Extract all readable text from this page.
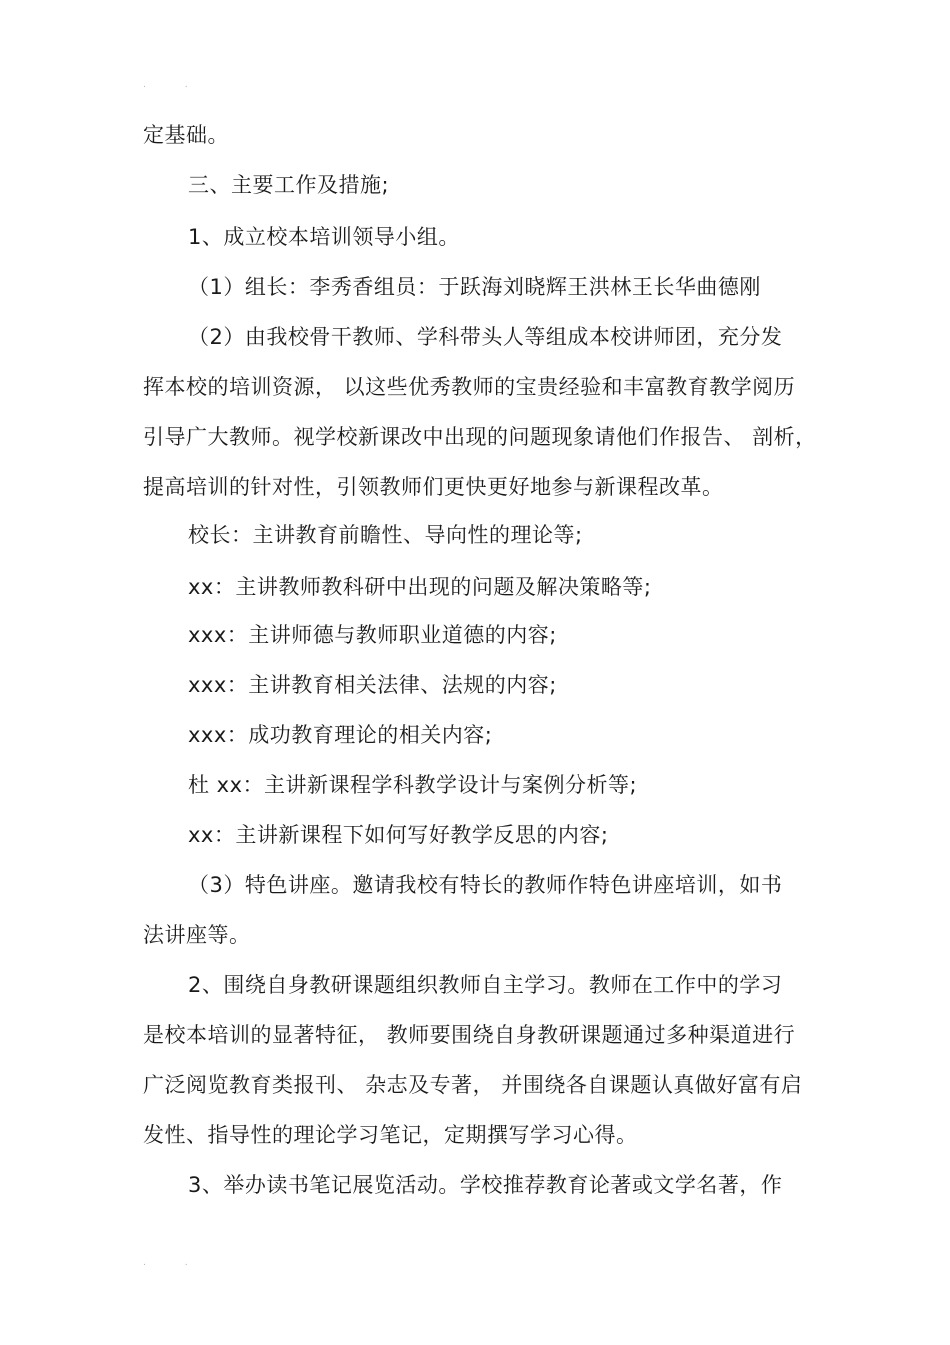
. .
定基础。
三、主要工作及措施;
1、成立校本培训领导小组。
（1）组长：李秀香组员：于跃海刘晓辉王洪林王长华曲德刚
（2）由我校骨干教师、学科带头人等组成本校讲师团，充分发
挥本校的培训资源， 以这些优秀教师的宝贵经验和丰富教育教学阅历
引导广大教师。视学校新课改中出现的问题现象请他们作报告、 剖析，
提高培训的针对性，引领教师们更快更好地参与新课程改革。
校长：主讲教育前瞻性、导向性的理论等;
xx：主讲教师教科研中出现的问题及解决策略等;
xxx：主讲师德与教师职业道德的内容;
xxx：主讲教育相关法律、法规的内容;
xxx：成功教育理论的相关内容;
杜 xx：主讲新课程学科教学设计与案例分析等;
xx：主讲新课程下如何写好教学反思的内容;
（3）特色讲座。邀请我校有特长的教师作特色讲座培训，如书
法讲座等。
2、围绕自身教研课题组织教师自主学习。教师在工作中的学习
是校本培训的显著特征， 教师要围绕自身教研课题通过多种渠道进行
广泛阅览教育类报刊、 杂志及专著， 并围绕各自课题认真做好富有启
发性、指导性的理论学习笔记，定期撰写学习心得。
3、举办读书笔记展览活动。学校推荐教育论著或文学名著，作
. .
